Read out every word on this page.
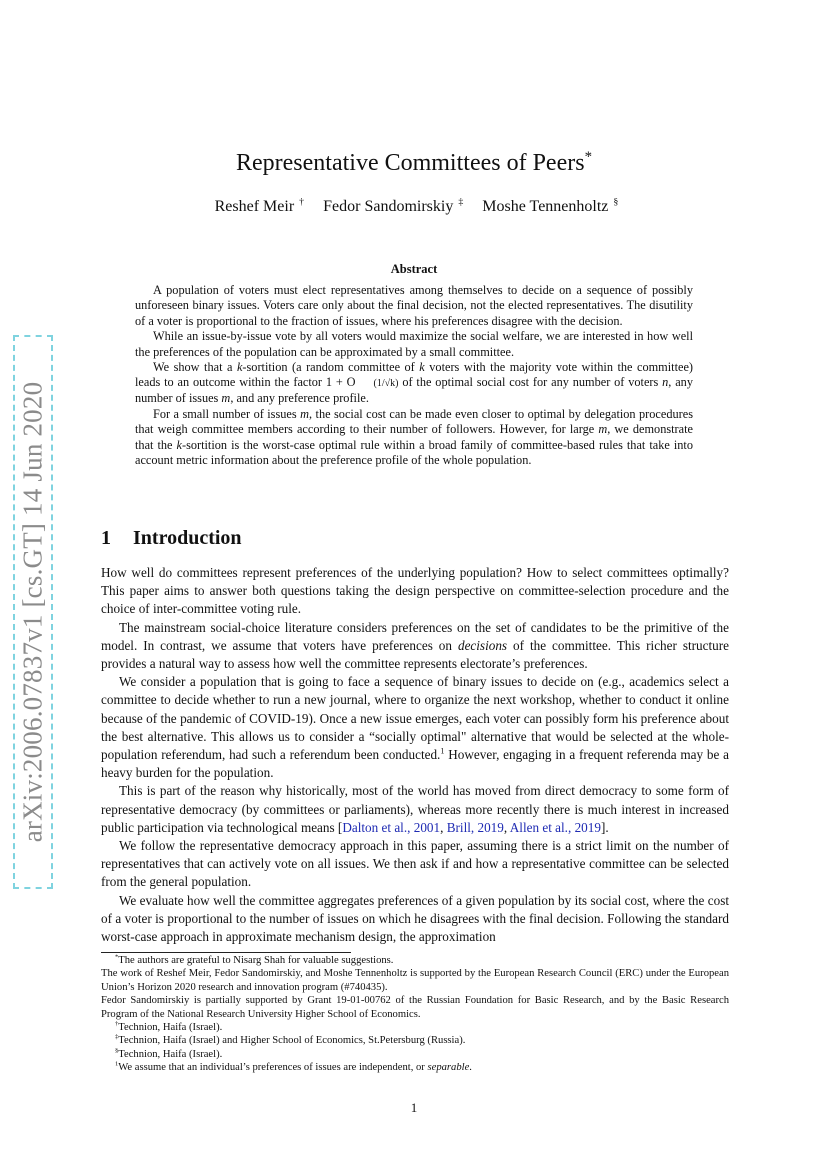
arXiv:2006.07837v1 [cs.GT] 14 Jun 2020
Representative Committees of Peers*
Reshef Meir † Fedor Sandomirskiy ‡ Moshe Tennenholtz §
Abstract

A population of voters must elect representatives among themselves to decide on a sequence of possibly unforeseen binary issues. Voters care only about the final decision, not the elected representatives. The disutility of a voter is proportional to the fraction of issues, where his preferences disagree with the decision.

While an issue-by-issue vote by all voters would maximize the social welfare, we are interested in how well the preferences of the population can be approximated by a small committee.

We show that a k-sortition (a random committee of k voters with the majority vote within the committee) leads to an outcome within the factor 1 + O (1/√k) of the optimal social cost for any number of voters n, any number of issues m, and any preference profile.

For a small number of issues m, the social cost can be made even closer to optimal by delegation procedures that weigh committee members according to their number of followers. However, for large m, we demonstrate that the k-sortition is the worst-case optimal rule within a broad family of committee-based rules that take into account metric information about the preference profile of the whole population.

1 Introduction

How well do committees represent preferences of the underlying population? How to select committees optimally? This paper aims to answer both questions taking the design perspective on committee-selection procedure and the choice of inter-committee voting rule.

The mainstream social-choice literature considers preferences on the set of candidates to be the primitive of the model. In contrast, we assume that voters have preferences on decisions of the committee. This richer structure provides a natural way to assess how well the committee represents electorate’s preferences.

We consider a population that is going to face a sequence of binary issues to decide on (e.g., academics select a committee to decide whether to run a new journal, where to organize the next workshop, whether to conduct it online because of the pandemic of COVID-19). Once a new issue emerges, each voter can possibly form his preference about the best alternative. This allows us to consider a “socially optimal" alternative that would be selected at the whole-population referendum, had such a referendum been conducted.$^1$ However, engaging in a frequent referenda may be a heavy burden for the population.

This is part of the reason why historically, most of the world has moved from direct democracy to some form of representative democracy (by committees or parliaments), whereas more recently there is much interest in increased public participation via technological means [Dalton et al., 2001, Brill, 2019, Allen et al., 2019].

We follow the representative democracy approach in this paper, assuming there is a strict limit on the number of representatives that can actively vote on all issues. We then ask if and how a representative committee can be selected from the general population.

We evaluate how well the committee aggregates preferences of a given population by its social cost, where the cost of a voter is proportional to the number of issues on which he disagrees with the final decision. Following the standard worst-case approach in approximate mechanism design, the approximation

*The authors are grateful to Nisarg Shah for valuable suggestions.
The work of Reshef Meir, Fedor Sandomirskiy, and Moshe Tennenholtz is supported by the European Research Council (ERC) under the European Union’s Horizon 2020 research and innovation program (#740435).
Fedor Sandomirskiy is partially supported by Grant 19-01-00762 of the Russian Foundation for Basic Research, and by the Basic Research Program of the National Research University Higher School of Economics.
†Technion, Haifa (Israel).
‡Technion, Haifa (Israel) and Higher School of Economics, St.Petersburg (Russia).
§Technion, Haifa (Israel).
$^1$We assume that an individual’s preferences of issues are independent, or separable.
1
